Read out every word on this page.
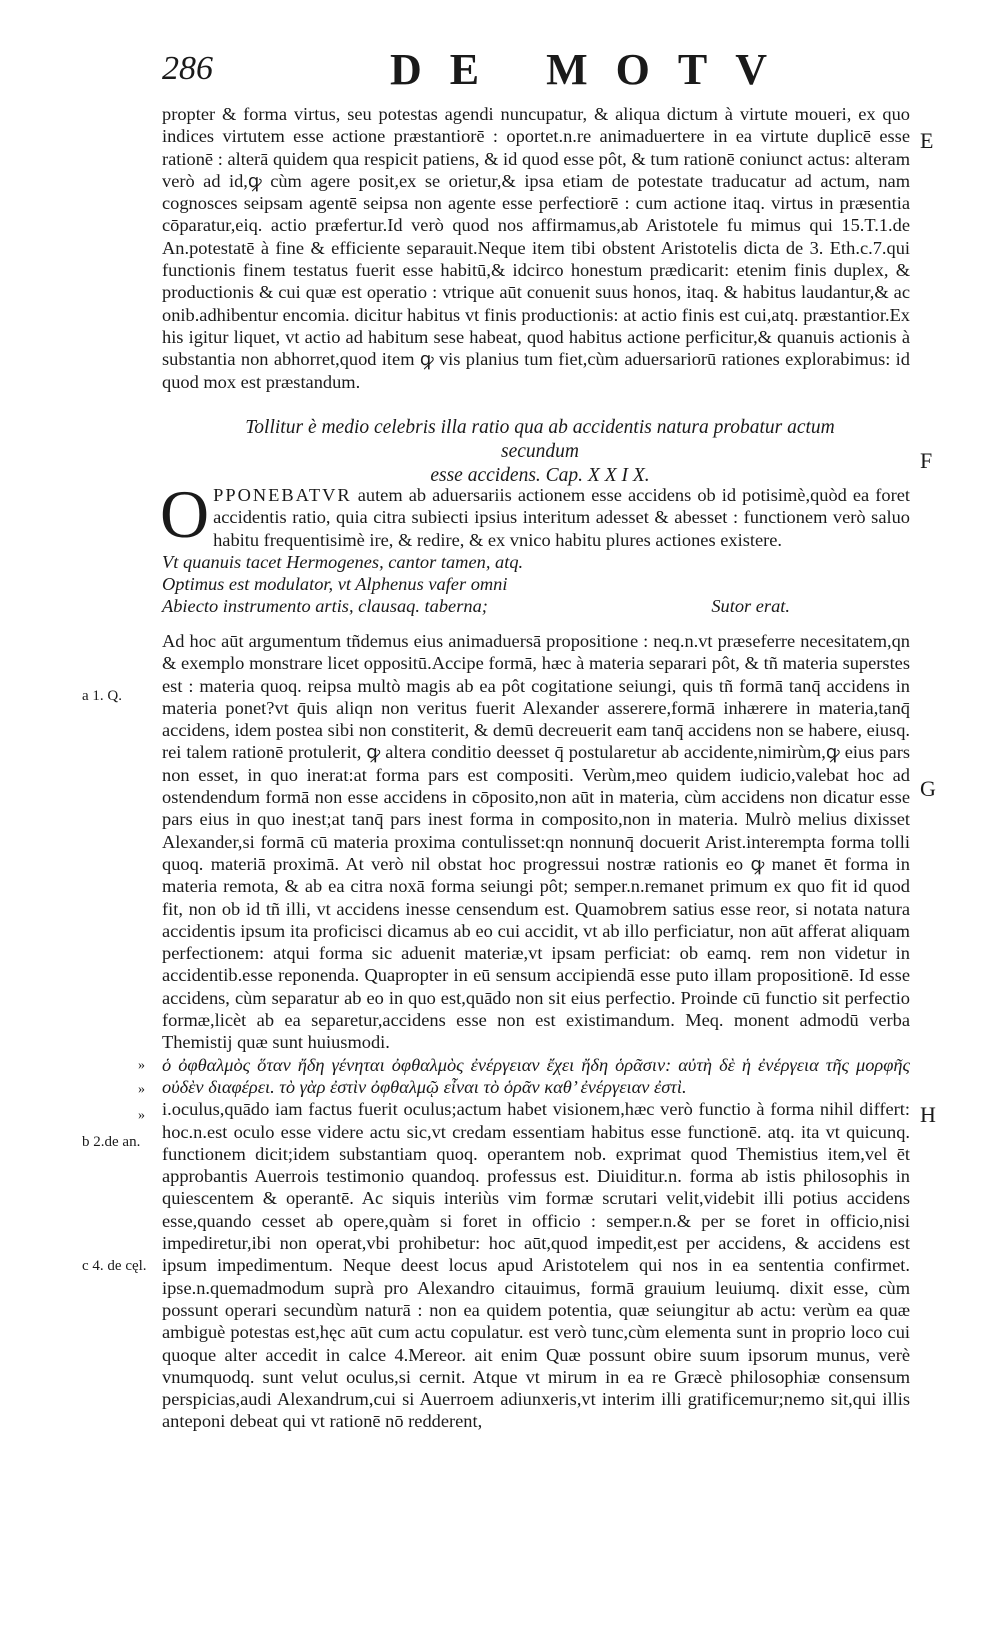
286	DE MOTV

propter & forma virtus, seu potestas agendi nuncupatur, & aliqua dictum à virtute moueri, ex quo indices virtutem esse actione præstantiorē : oportet.n.re animaduertere in ea virtute duplicē esse rationē : alterā quidem qua respicit patiens, & id quod esse pôt, & tum rationē coniunct actus: alteram verò ad id,ꝙ cùm agere posit,ex se orietur,& ipsa etiam de potestate traducatur ad actum, nam cognosces seipsam agentē seipsa non agente esse perfectiorē : cum actione itaq. virtus in præsentia cōparatur,eiq. actio præfertur.Id verò quod nos affirmamus,ab Aristotele fu mimus qui 15.T.1.de An.potestatē à fine & efficiente separauit.Neque item tibi obstent Aristotelis dicta de 3. Eth.c.7.qui functionis finem testatus fuerit esse habitū,& idcirco honestum prædicarit: etenim finis duplex, & productionis & cui quæ est operatio : vtrique aūt conuenit suus honos, itaq. & habitus laudantur,& ac onib.adhibentur encomia. dicitur habitus vt finis productionis: at actio finis est cui,atq. præstantior.Ex his igitur liquet, vt actio ad habitum sese habeat, quod habitus actione perficitur,& quanuis actionis à substantia non abhorret,quod item ꝙ vis planius tum fiet,cùm aduersariorū rationes explorabimus: id quod mox est præstandum.

Tollitur è medio celebris illa ratio qua ab accidentis natura probatur actum secundum
esse accidens. Cap. X X I X.

OPPONEBATVR autem ab aduersariis actionem esse accidens ob id potisimè,quòd ea foret accidentis ratio, quia citra subiecti ipsius interitum adesset & abesset : functionem verò saluo habitu frequentisimè ire, & redire, & ex vnico habitu plures actiones existere.

Vt quanuis tacet Hermogenes, cantor tamen, atq.

Optimus est modulator, vt Alphenus vafer omni

Abiecto instrumento artis, clausaq. taberna;	Sutor erat.

Ad hoc aūt argumentum tñdemus eius animaduersā propositione : neq.n.vt præseferre necesitatem,qn & exemplo monstrare licet oppositū.Accipe formā, hæc à materia separari pôt, & tñ materia superstes est : materia quoq. reipsa multò magis ab ea pôt cogitatione seiungi, quis tñ formā tanq̄ accidens in materia ponet?vt q̄uis aliqn non veritus fuerit Alexander asserere,formā inhærere in materia,tanq̄ accidens, idem postea sibi non constiterit, & demū decreuerit eam tanq̄ accidens non se habere, eiusq. rei talem rationē protulerit, ꝙ altera conditio deesset q̄ postularetur ab accidente,nimirùm,ꝙ eius pars non esset, in quo inerat:at forma pars est compositi. Verùm,meo quidem iudicio,valebat hoc ad ostendendum formā non esse accidens in cōposito,non aūt in materia, cùm accidens non dicatur esse pars eius in quo inest;at tanq̄ pars inest forma in composito,non in materia. Mulrò melius dixisset Alexander,si formā cū materia proxima contulisset:qn nonnunq̄ docuerit Arist.interempta forma tolli quoq. materiā proximā. At verò nil obstat hoc progressui nostræ rationis eo ꝙ manet ēt forma in materia remota, & ab ea citra noxā forma seiungi pôt; semper.n.remanet primum ex quo fit id quod fit, non ob id tñ illi, vt accidens inesse censendum est. Quamobrem satius esse reor, si notata natura accidentis ipsum ita proficisci dicamus ab eo cui accidit, vt ab illo perficiatur, non aūt afferat aliquam perfectionem: atqui forma sic aduenit materiæ,vt ipsam perficiat: ob eamq. rem non videtur in accidentib.esse reponenda. Quapropter in eū sensum accipiendā esse puto illam propositionē. Id esse accidens, cùm separatur ab eo in quo est,quādo non sit eius perfectio. Proinde cū functio sit perfectio formæ,licèt ab ea separetur,accidens esse non est existimandum. Meq. monent admodū verba Themistij quæ sunt huiusmodi.

ὁ ὀφθαλμὸς ὅταν ἤδη γένηται ὀφθαλμὸς ἐνέργειαν ἔχει ἤδη ὁρᾶσιν: αὐτὴ δὲ ἡ ἐνέργεια τῆς μορφῆς οὐδὲν διαφέρει. τὸ γὰρ ἐστὶν ὀφθαλμῷ εἶναι τὸ ὁρᾶν καθ’ ἐνέργειαν ἐστὶ.

i.oculus,quādo iam factus fuerit oculus;actum habet visionem,hæc verò functio à forma nihil differt: hoc.n.est oculo esse videre actu sic,vt credam essentiam habitus esse functionē. atq. ita vt quicunq. functionem dicit;idem substantiam quoq. operantem nob. exprimat quod Themistius item,vel ēt approbantis Auerrois testimonio quandoq. professus est. Diuiditur.n. forma ab istis philosophis in quiescentem & operantē. Ac siquis interiùs vim formæ scrutari velit,videbit illi potius accidens esse,quando cesset ab opere,quàm si foret in officio : semper.n.& per se foret in officio,nisi impediretur,ibi non operat,vbi prohibetur: hoc aūt,quod impedit,est per accidens, & accidens est ipsum impedimentum. Neque deest locus apud Aristotelem qui nos in ea sententia confirmet. ipse.n.quemadmodum suprà pro Alexandro citauimus, formā grauium leuiumq. dixit esse, cùm possunt operari secundùm naturā : non ea quidem potentia, quæ seiungitur ab actu: verùm ea quæ ambiguè potestas est,hęc aūt cum actu copulatur. est verò tunc,cùm elementa sunt in proprio loco cui quoque alter accedit in calce 4.Mereor. ait enim Quæ possunt obire suum ipsorum munus, verè vnumquodq. sunt velut oculus,si cernit. Atque vt mirum in ea re Græcè philosophiæ consensum perspicias,audi Alexandrum,cui si Auerroem adiunxeris,vt interim illi gratificemur;nemo sit,qui illis anteponi debeat qui vt rationē nō redderent,

E
F
G
H
a 1. Q.
»
»
b 2.de an.
»
c 4. de cęl.
